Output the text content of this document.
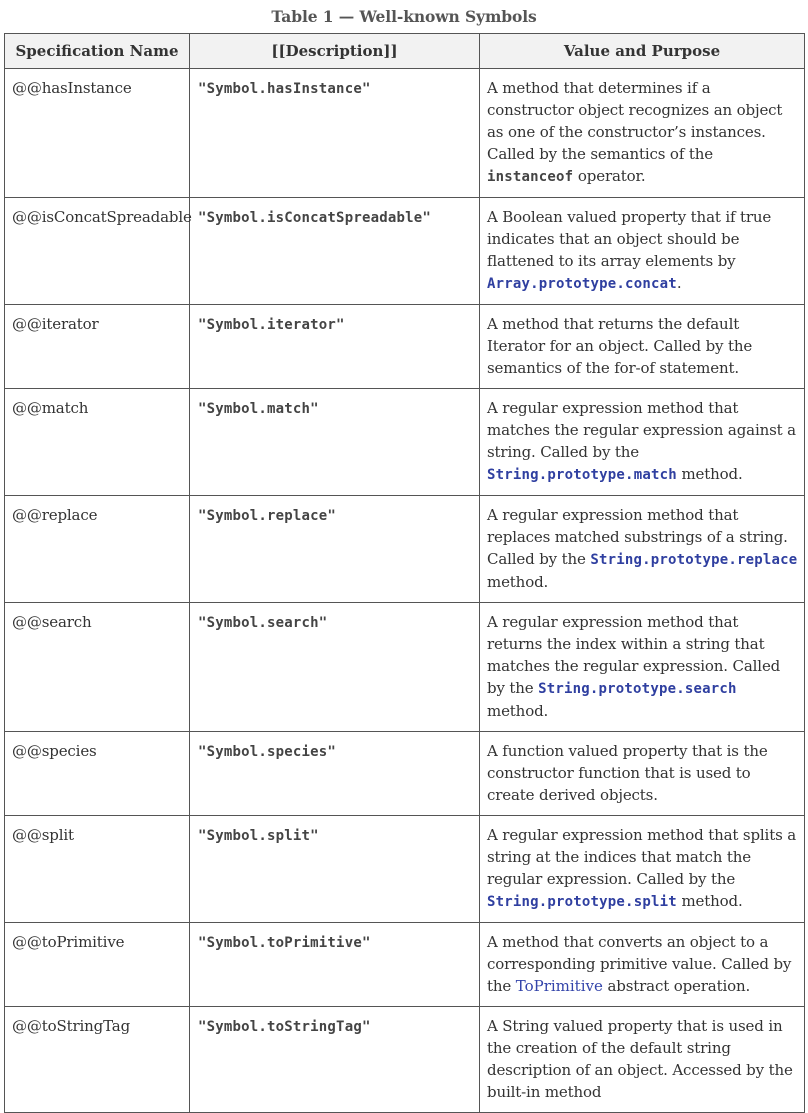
Table 1 — Well-known Symbols
Specification Name	[[Description]]	Value and Purpose
@@hasInstance	"Symbol.hasInstance"	A method that determines if a constructor object recognizes an object as one of the constructor’s instances. Called by the semantics of the instanceof operator.
@@isConcatSpreadable	"Symbol.isConcatSpreadable"	A Boolean valued property that if true indicates that an object should be flattened to its array elements by Array.prototype.concat.
@@iterator	"Symbol.iterator"	A method that returns the default Iterator for an object. Called by the semantics of the for-of statement.
@@match	"Symbol.match"	A regular expression method that matches the regular expression against a string. Called by the String.prototype.match method.
@@replace	"Symbol.replace"	A regular expression method that replaces matched substrings of a string. Called by the String.prototype.replace method.
@@search	"Symbol.search"	A regular expression method that returns the index within a string that matches the regular expression. Called by the String.prototype.search method.
@@species	"Symbol.species"	A function valued property that is the constructor function that is used to create derived objects.
@@split	"Symbol.split"	A regular expression method that splits a string at the indices that match the regular expression. Called by the String.prototype.split method.
@@toPrimitive	"Symbol.toPrimitive"	A method that converts an object to a corresponding primitive value. Called by the ToPrimitive abstract operation.
@@toStringTag	"Symbol.toStringTag"	A String valued property that is used in the creation of the default string description of an object. Accessed by the built-in method
